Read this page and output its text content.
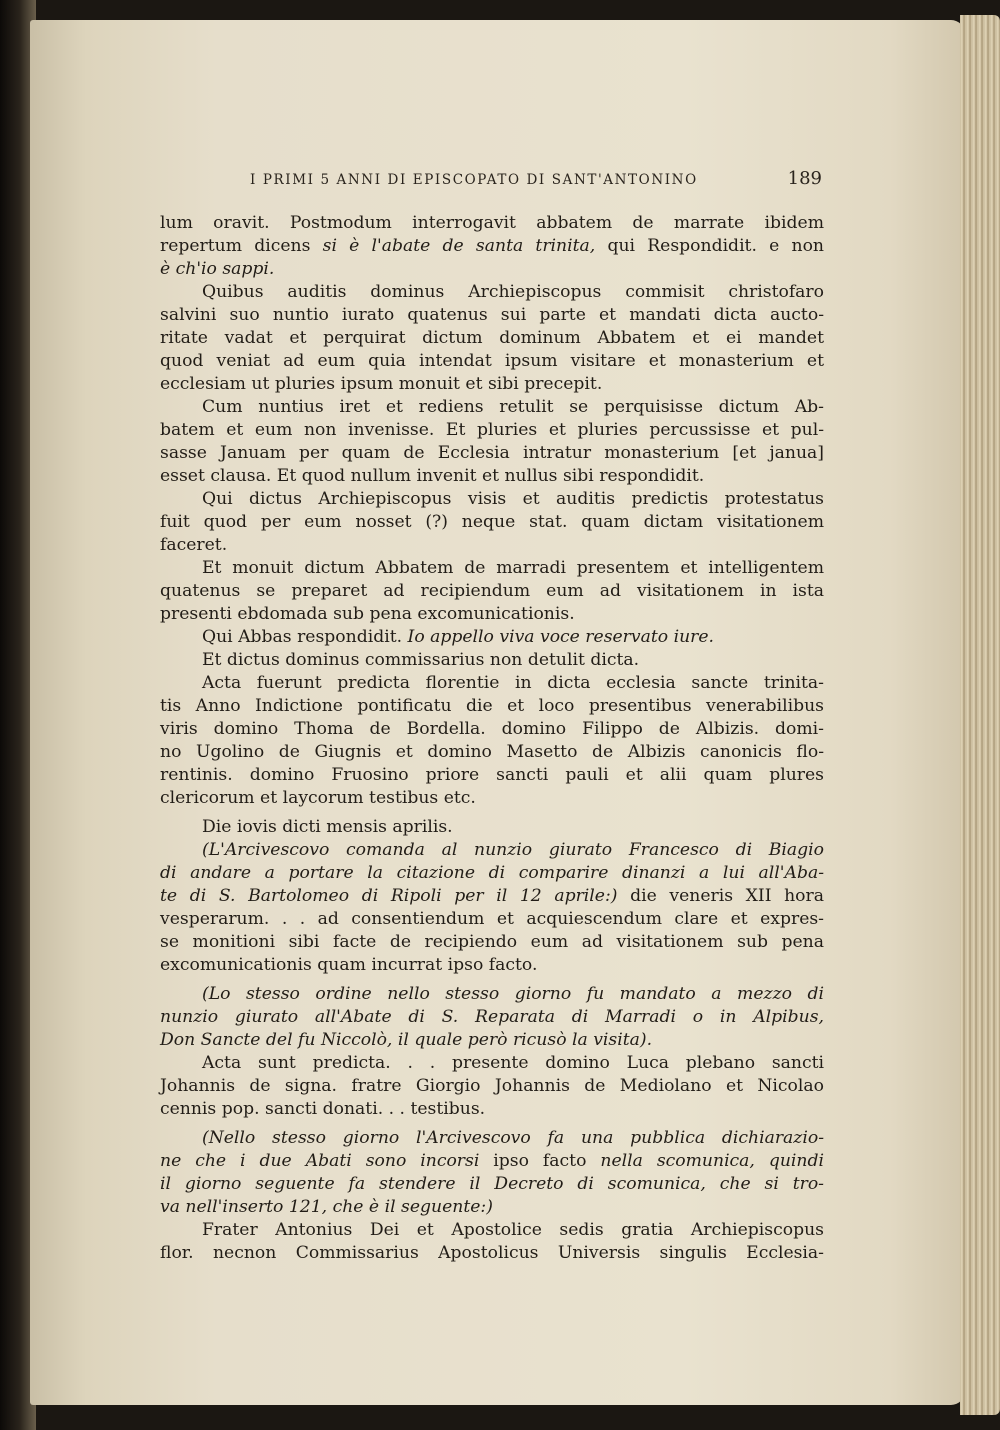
I PRIMI 5 ANNI DI EPISCOPATO DI SANT'ANTONINO	189

lum oravit. Postmodum interrogavit abbatem de marrate ibidem

repertum dicens si è l'abate de santa trinita, qui Respondidit. e non

è ch'io sappi.

Quibus auditis dominus Archiepiscopus commisit christofaro

salvini suo nuntio iurato quatenus sui parte et mandati dicta aucto-

ritate vadat et perquirat dictum dominum Abbatem et ei mandet

quod veniat ad eum quia intendat ipsum visitare et monasterium et

ecclesiam ut pluries ipsum monuit et sibi precepit.

Cum nuntius iret et rediens retulit se perquisisse dictum Ab-

batem et eum non invenisse. Et pluries et pluries percussisse et pul-

sasse Januam per quam de Ecclesia intratur monasterium [et janua]

esset clausa. Et quod nullum invenit et nullus sibi respondidit.

Qui dictus Archiepiscopus visis et auditis predictis protestatus

fuit quod per eum nosset (?) neque stat. quam dictam visitationem

faceret.

Et monuit dictum Abbatem de marradi presentem et intelligentem

quatenus se preparet ad recipiendum eum ad visitationem in ista

presenti ebdomada sub pena excomunicationis.

Qui Abbas respondidit. Io appello viva voce reservato iure.

Et dictus dominus commissarius non detulit dicta.

Acta fuerunt predicta florentie in dicta ecclesia sancte trinita-

tis Anno Indictione pontificatu die et loco presentibus venerabilibus

viris domino Thoma de Bordella. domino Filippo de Albizis. domi-

no Ugolino de Giugnis et domino Masetto de Albizis canonicis flo-

rentinis. domino Fruosino priore sancti pauli et alii quam plures

clericorum et laycorum testibus etc.

Die iovis dicti mensis aprilis.

(L'Arcivescovo comanda al nunzio giurato Francesco di Biagio

di andare a portare la citazione di comparire dinanzi a lui all'Aba-

te di S. Bartolomeo di Ripoli per il 12 aprile:) die veneris XII hora

vesperarum. . . ad consentiendum et acquiescendum clare et expres-

se monitioni sibi facte de recipiendo eum ad visitationem sub pena

excomunicationis quam incurrat ipso facto.

(Lo stesso ordine nello stesso giorno fu mandato a mezzo di

nunzio giurato all'Abate di S. Reparata di Marradi o in Alpibus,

Don Sancte del fu Niccolò, il quale però ricusò la visita).

Acta sunt predicta. . . presente domino Luca plebano sancti

Johannis de signa. fratre Giorgio Johannis de Mediolano et Nicolao

cennis pop. sancti donati. . . testibus.

(Nello stesso giorno l'Arcivescovo fa una pubblica dichiarazio-

ne che i due Abati sono incorsi ipso facto nella scomunica, quindi

il giorno seguente fa stendere il Decreto di scomunica, che si tro-

va nell'inserto 121, che è il seguente:)

Frater Antonius Dei et Apostolice sedis gratia Archiepiscopus

flor. necnon Commissarius Apostolicus Universis singulis Ecclesia-
